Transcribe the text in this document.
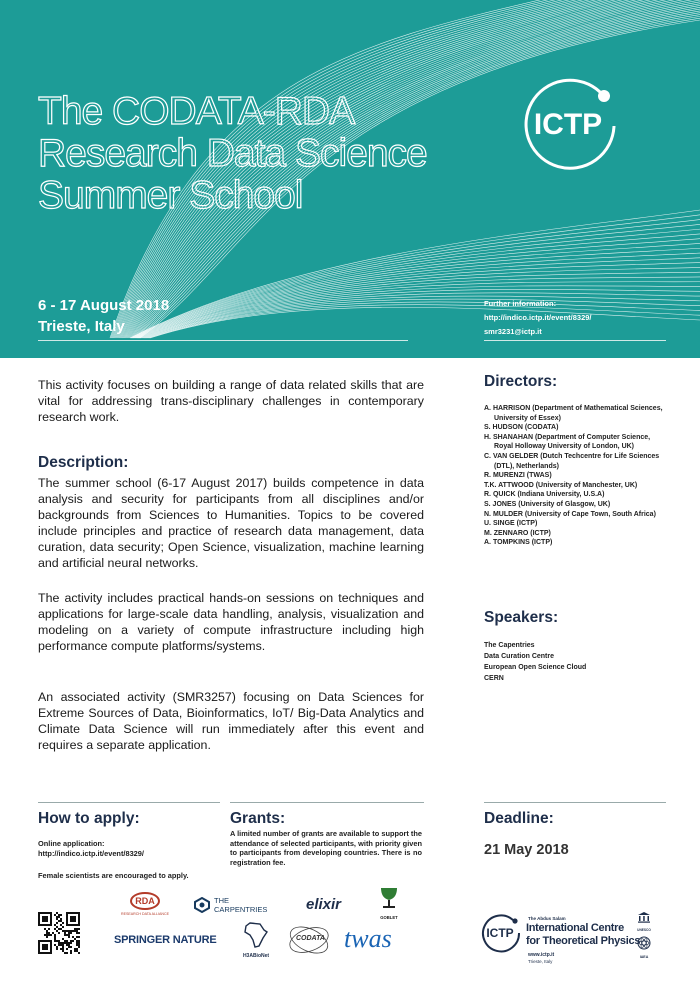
The CODATA-RDA
Research Data Science
Summer School
6 - 17 August 2018
Trieste, Italy
Further information:
http://indico.ictp.it/event/8329/
smr3231@ictp.it
ICTP
This activity focuses on building a range of data related skills that are vital for addressing trans-disciplinary challenges in contemporary research work.
Description:
The summer school (6-17 August 2017) builds competence in data analysis and security for participants from all disciplines and/or backgrounds from Sciences to Humanities. Topics to be covered include principles and practice of research data management, data curation, data security; Open Science, visualization, machine learning and artificial neural networks.
The activity includes practical hands-on sessions on techniques and applications for large-scale data handling, analysis, visualization and modeling on a variety of compute infrastructure including high performance compute platforms/systems.
An associated activity (SMR3257) focusing on Data Sciences for Extreme Sources of Data, Bioinformatics, IoT/ Big-Data Analytics and Climate Data Science will run immediately after this event and requires a separate application.
Directors:
A. HARRISON (Department of Mathematical Sciences,
University of Essex)
S. HUDSON (CODATA)
H. SHANAHAN (Department of Computer Science,
Royal Holloway University of London, UK)
C. VAN GELDER (Dutch Techcentre for Life Sciences
(DTL), Netherlands)
R. MURENZI (TWAS)
T.K. ATTWOOD (University of Manchester, UK)
R. QUICK (Indiana University, U.S.A)
S. JONES (University of Glasgow, UK)
N. MULDER (University of Cape Town, South Africa)
U. SINGE (ICTP)
M. ZENNARO (ICTP)
A. TOMPKINS (ICTP)
Speakers:
The Capentries
Data Curation Centre
European Open Science Cloud
CERN
How to apply:
Online application:
http://indico.ictp.it/event/8329/
Female scientists are encouraged to apply.
Grants:
A limited number of grants are available to support the attendance of selected participants, with priority given to participants from developing countries. There is no registration fee.
Deadline:
21 May 2018
RDA
RESEARCH DATA ALLIANCE
THE
CARPENTRIES	elixir
GOBLET
SPRINGER NATURE
H3ABioNet
CODATA twas	ICTP
The Abdus Salam
International Centre
for Theoretical Physics
www.ictp.it
Trieste, Italy
UNESCO
IAEA
